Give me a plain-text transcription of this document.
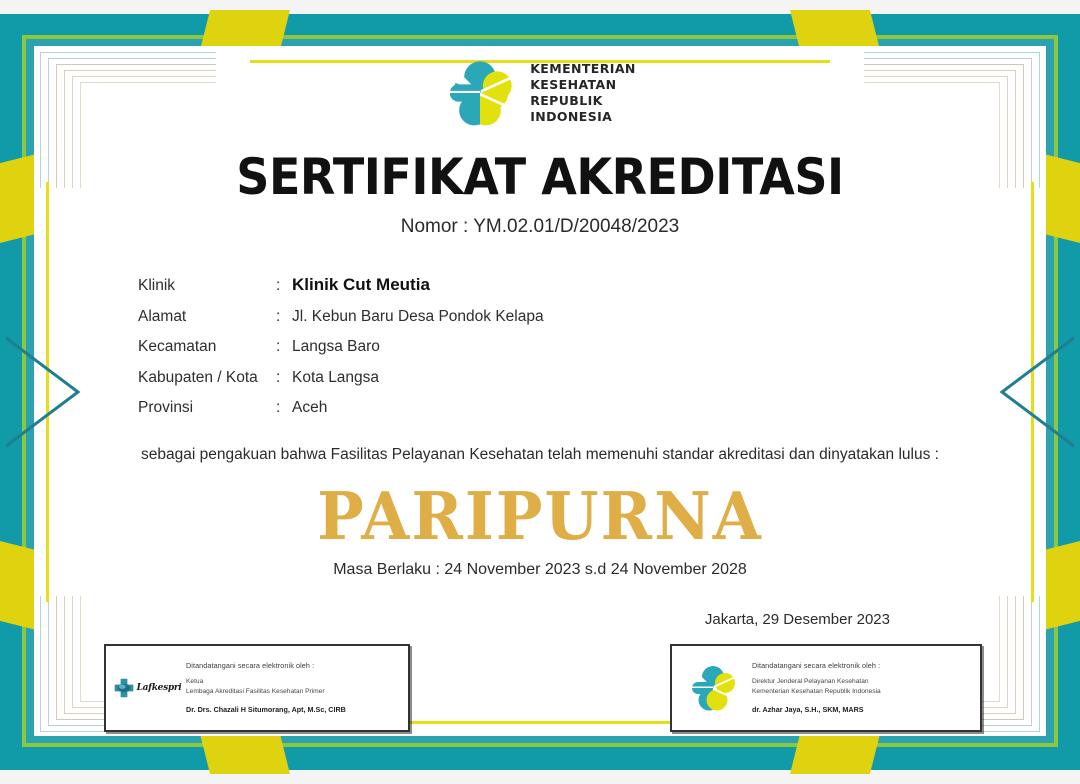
KEMENTERIAN
KESEHATAN
REPUBLIK
INDONESIA
SERTIFIKAT AKREDITASI
Nomor : YM.02.01/D/20048/2023
Klinik	: Klinik Cut Meutia
Alamat	: Jl. Kebun Baru Desa Pondok Kelapa
Kecamatan	: Langsa Baro
Kabupaten / Kota	: Kota Langsa
Provinsi	: Aceh
sebagai pengakuan bahwa Fasilitas Pelayanan Kesehatan telah memenuhi standar akreditasi dan dinyatakan lulus :
PARIPURNA
Masa Berlaku : 24 November 2023 s.d 24 November 2028
Jakarta, 29 Desember 2023
Lafkespri
Ditandatangani secara elektronik oleh :
Ketua
Lembaga Akreditasi Fasilitas Kesehatan Primer
Dr. Drs. Chazali H Situmorang, Apt, M.Sc, CIRB
Ditandatangani secara elektronik oleh :
Direktur Jenderal Pelayanan Kesehatan
Kementerian Kesehatan Republik Indonesia
dr. Azhar Jaya, S.H., SKM, MARS
